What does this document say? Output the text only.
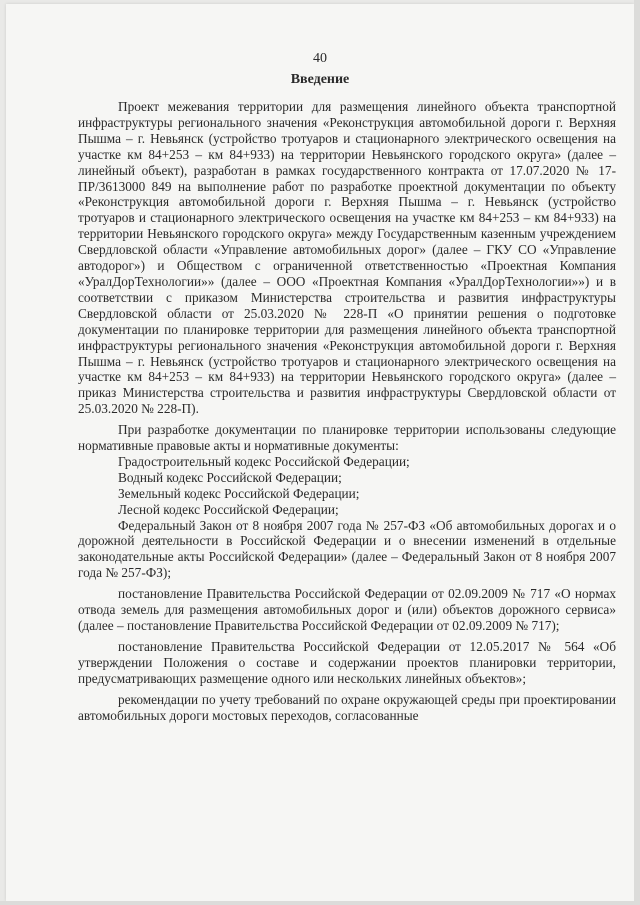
40
Введение

Проект межевания территории для размещения линейного объекта транспортной инфраструктуры регионального значения «Реконструкция автомобильной дороги г. Верхняя Пышма – г. Невьянск (устройство тротуаров и стационарного электрического освещения на участке км 84+253 – км 84+933) на территории Невьянского городского округа» (далее – линейный объект), разработан в рамках государственного контракта от 17.07.2020 № 17- ПР/3613000 849 на выполнение работ по разработке проектной документации по объекту «Реконструкция автомобильной дороги г. Верхняя Пышма – г. Невьянск (устройство тротуаров и стационарного электрического освещения на участке км 84+253 – км 84+933) на территории Невьянского городского округа» между Государственным казенным учреждением Свердловской области «Управление автомобильных дорог» (далее – ГКУ СО «Управление автодорог») и Обществом с ограниченной ответственностью «Проектная Компания «УралДорТехнологии»» (далее – ООО «Проектная Компания «УралДорТехнологии»») и в соответствии с приказом Министерства строительства и развития инфраструктуры Свердловской области от 25.03.2020 № 228-П «О принятии решения о подготовке документации по планировке территории для размещения линейного объекта транспортной инфраструктуры регионального значения «Реконструкция автомобильной дороги г. Верхняя Пышма – г. Невьянск (устройство тротуаров и стационарного электрического освещения на участке км 84+253 – км 84+933) на территории Невьянского городского округа» (далее – приказ Министерства строительства и развития инфраструктуры Свердловской области от 25.03.2020 № 228-П).

При разработке документации по планировке территории использованы следующие нормативные правовые акты и нормативные документы:

Градостроительный кодекс Российской Федерации;

Водный кодекс Российской Федерации;

Земельный кодекс Российской Федерации;

Лесной кодекс Российской Федерации;

Федеральный Закон от 8 ноября 2007 года № 257-ФЗ «Об автомобильных дорогах и о дорожной деятельности в Российской Федерации и о внесении изменений в отдельные законодательные акты Российской Федерации» (далее – Федеральный Закон от 8 ноября 2007 года № 257-ФЗ);

постановление Правительства Российской Федерации от 02.09.2009 № 717 «О нормах отвода земель для размещения автомобильных дорог и (или) объектов дорожного сервиса» (далее – постановление Правительства Российской Федерации от 02.09.2009 № 717);

постановление Правительства Российской Федерации от 12.05.2017 № 564 «Об утверждении Положения о составе и содержании проектов планировки территории, предусматривающих размещение одного или нескольких линейных объектов»;

рекомендации по учету требований по охране окружающей среды при проектировании автомобильных дороги мостовых переходов, согласованные
